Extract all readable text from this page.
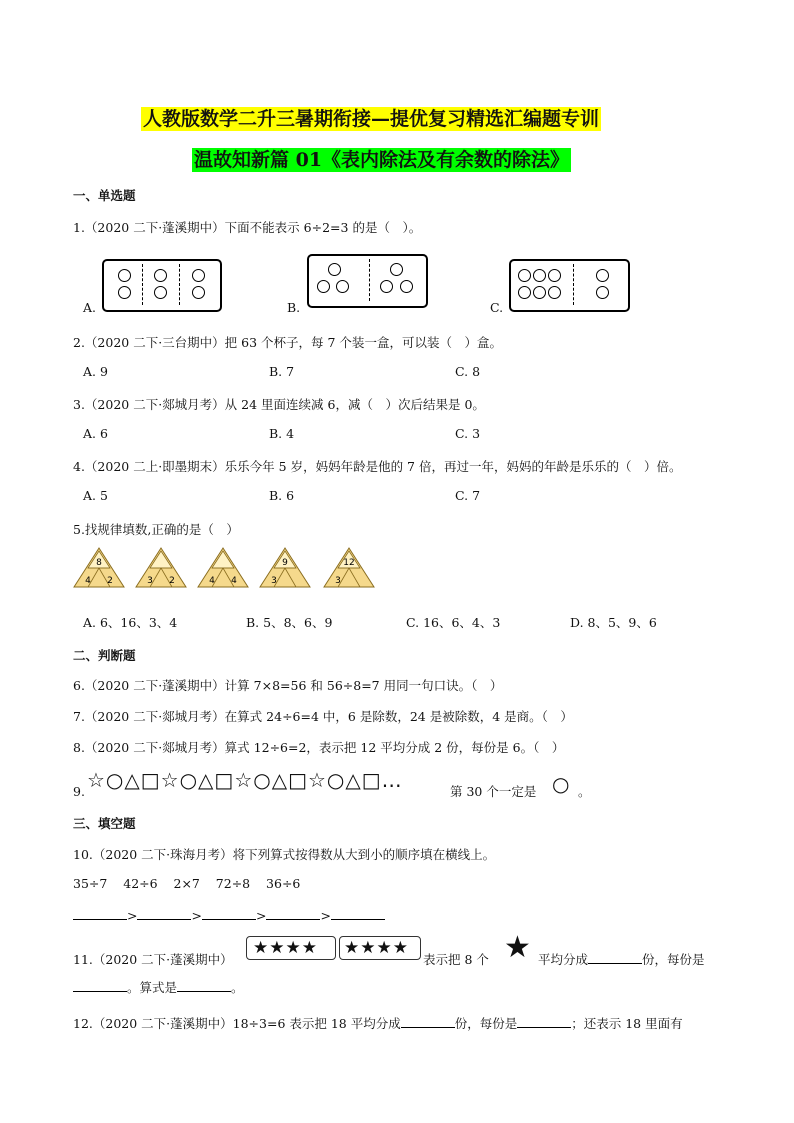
人教版数学二升三暑期衔接—提优复习精选汇编题专训
温故知新篇 01《表内除法及有余数的除法》
一、单选题
1.（2020 二下·蓬溪期中）下面不能表示 6÷2=3 的是（　）。
A.	B.	C.
2.（2020 二下·三台期中）把 63 个杯子，每 7 个装一盒，可以装（　）盒。
A. 9	B. 7	C. 8
3.（2020 二下·郯城月考）从 24 里面连续减 6，减（　）次后结果是 0。
A. 6	B. 4	C. 3
4.（2020 二上·即墨期末）乐乐今年 5 岁，妈妈年龄是他的 7 倍，再过一年，妈妈的年龄是乐乐的（　）倍。
A. 5	B. 6	C. 7
5.找规律填数,正确的是（　）
8
4 2	3 2	4 4
9
3
12
3
A. 6、16、3、4	B. 5、8、6、9	C. 16、6、4、3	D. 8、5、9、6
二、判断题
6.（2020 二下·蓬溪期中）计算 7×8=56 和 56÷8=7 用同一句口诀。（　）
7.（2020 二下·郯城月考）在算式 24÷6=4 中，6 是除数，24 是被除数，4 是商。（　）
8.（2020 二下·郯城月考）算式 12÷6=2，表示把 12 平均分成 2 份，每份是 6。（　）
9. ☆○△□☆○△□☆○△□☆○△□…	第 30 个一定是 ○ 。
三、填空题
10.（2020 二下·珠海月考）将下列算式按得数从大到小的顺序填在横线上。
35÷7 42÷6 2×7 72÷8 36÷6
>	>	>	>
11.（2020 二下·蓬溪期中）
★★★★ ★★★★
表示把 8 个 ★ 平均分成	份，每份是
。算式是	。
12.（2020 二下·蓬溪期中）18÷3=6 表示把 18 平均分成	份，每份是	；还表示 18 里面有
